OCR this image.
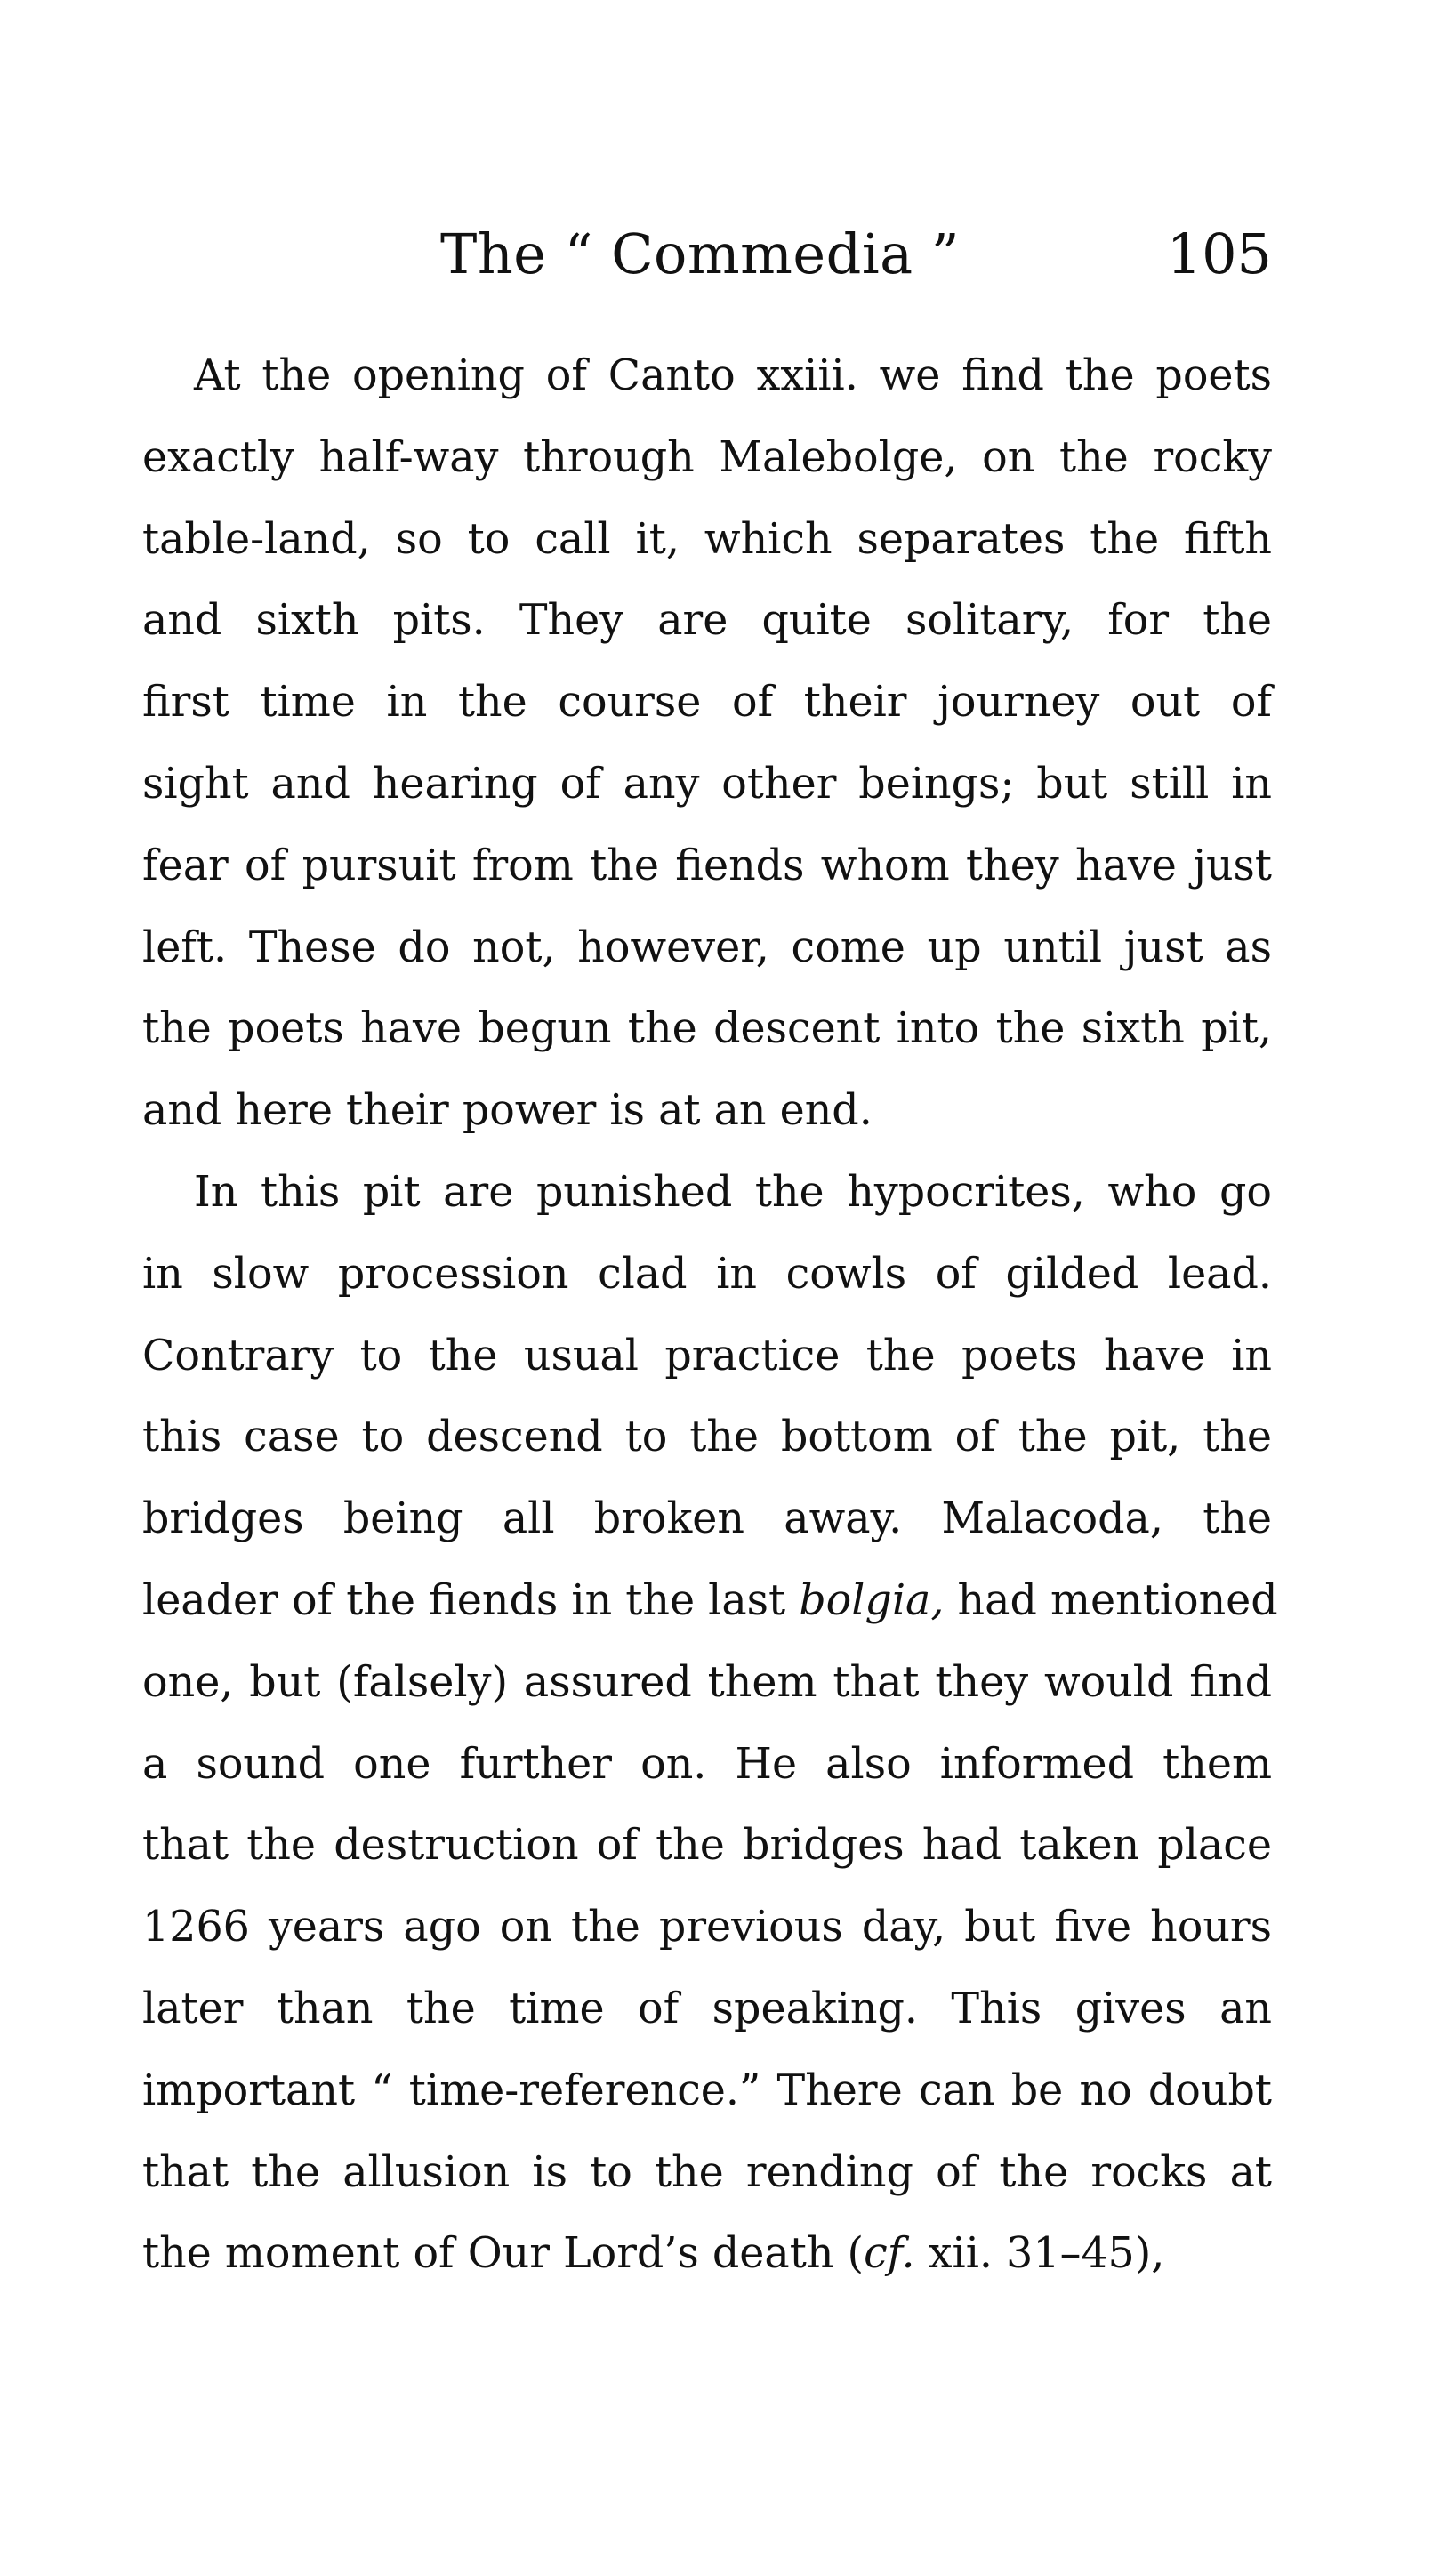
The “ Commedia ”	105
At the opening of Canto xxiii. we find the poets
exactly half-way through Malebolge, on the rocky
table-land, so to call it, which separates the fifth
and sixth pits. They are quite solitary, for the
first time in the course of their journey out of
sight and hearing of any other beings; but still in
fear of pursuit from the fiends whom they have just
left. These do not, however, come up until just as
the poets have begun the descent into the sixth pit,
and here their power is at an end.
In this pit are punished the hypocrites, who go
in slow procession clad in cowls of gilded lead.
Contrary to the usual practice the poets have in
this case to descend to the bottom of the pit, the
bridges being all broken away. Malacoda, the
leader of the fiends in the last bolgia, had mentioned
one, but (falsely) assured them that they would find
a sound one further on. He also informed them
that the destruction of the bridges had taken place
1266 years ago on the previous day, but five hours
later than the time of speaking. This gives an
important “ time-reference.” There can be no doubt
that the allusion is to the rending of the rocks at
the moment of Our Lord’s death (cf. xii. 31–45),
